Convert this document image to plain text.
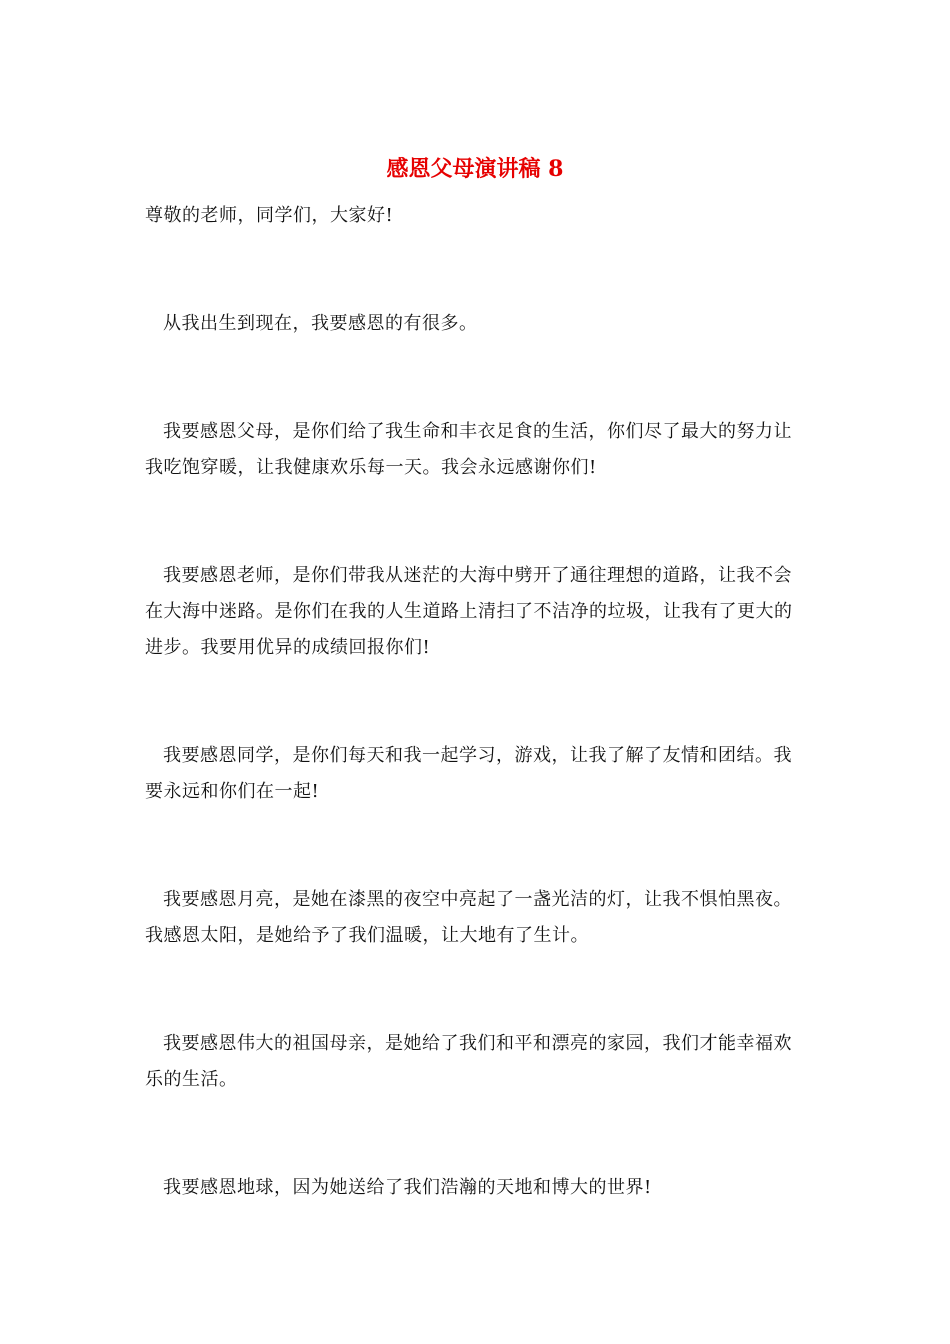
感恩父母演讲稿 8

尊敬的老师，同学们，大家好!

从我出生到现在，我要感恩的有很多。

我要感恩父母，是你们给了我生命和丰衣足食的生活，你们尽了最大的努力让我吃饱穿暖，让我健康欢乐每一天。我会永远感谢你们!

我要感恩老师，是你们带我从迷茫的大海中劈开了通往理想的道路，让我不会在大海中迷路。是你们在我的人生道路上清扫了不洁净的垃圾，让我有了更大的进步。我要用优异的成绩回报你们!

我要感恩同学，是你们每天和我一起学习，游戏，让我了解了友情和团结。我要永远和你们在一起!

我要感恩月亮，是她在漆黑的夜空中亮起了一盏光洁的灯，让我不惧怕黑夜。我感恩太阳，是她给予了我们温暖，让大地有了生计。

我要感恩伟大的祖国母亲，是她给了我们和平和漂亮的家园，我们才能幸福欢乐的生活。

我要感恩地球，因为她送给了我们浩瀚的天地和博大的世界!
